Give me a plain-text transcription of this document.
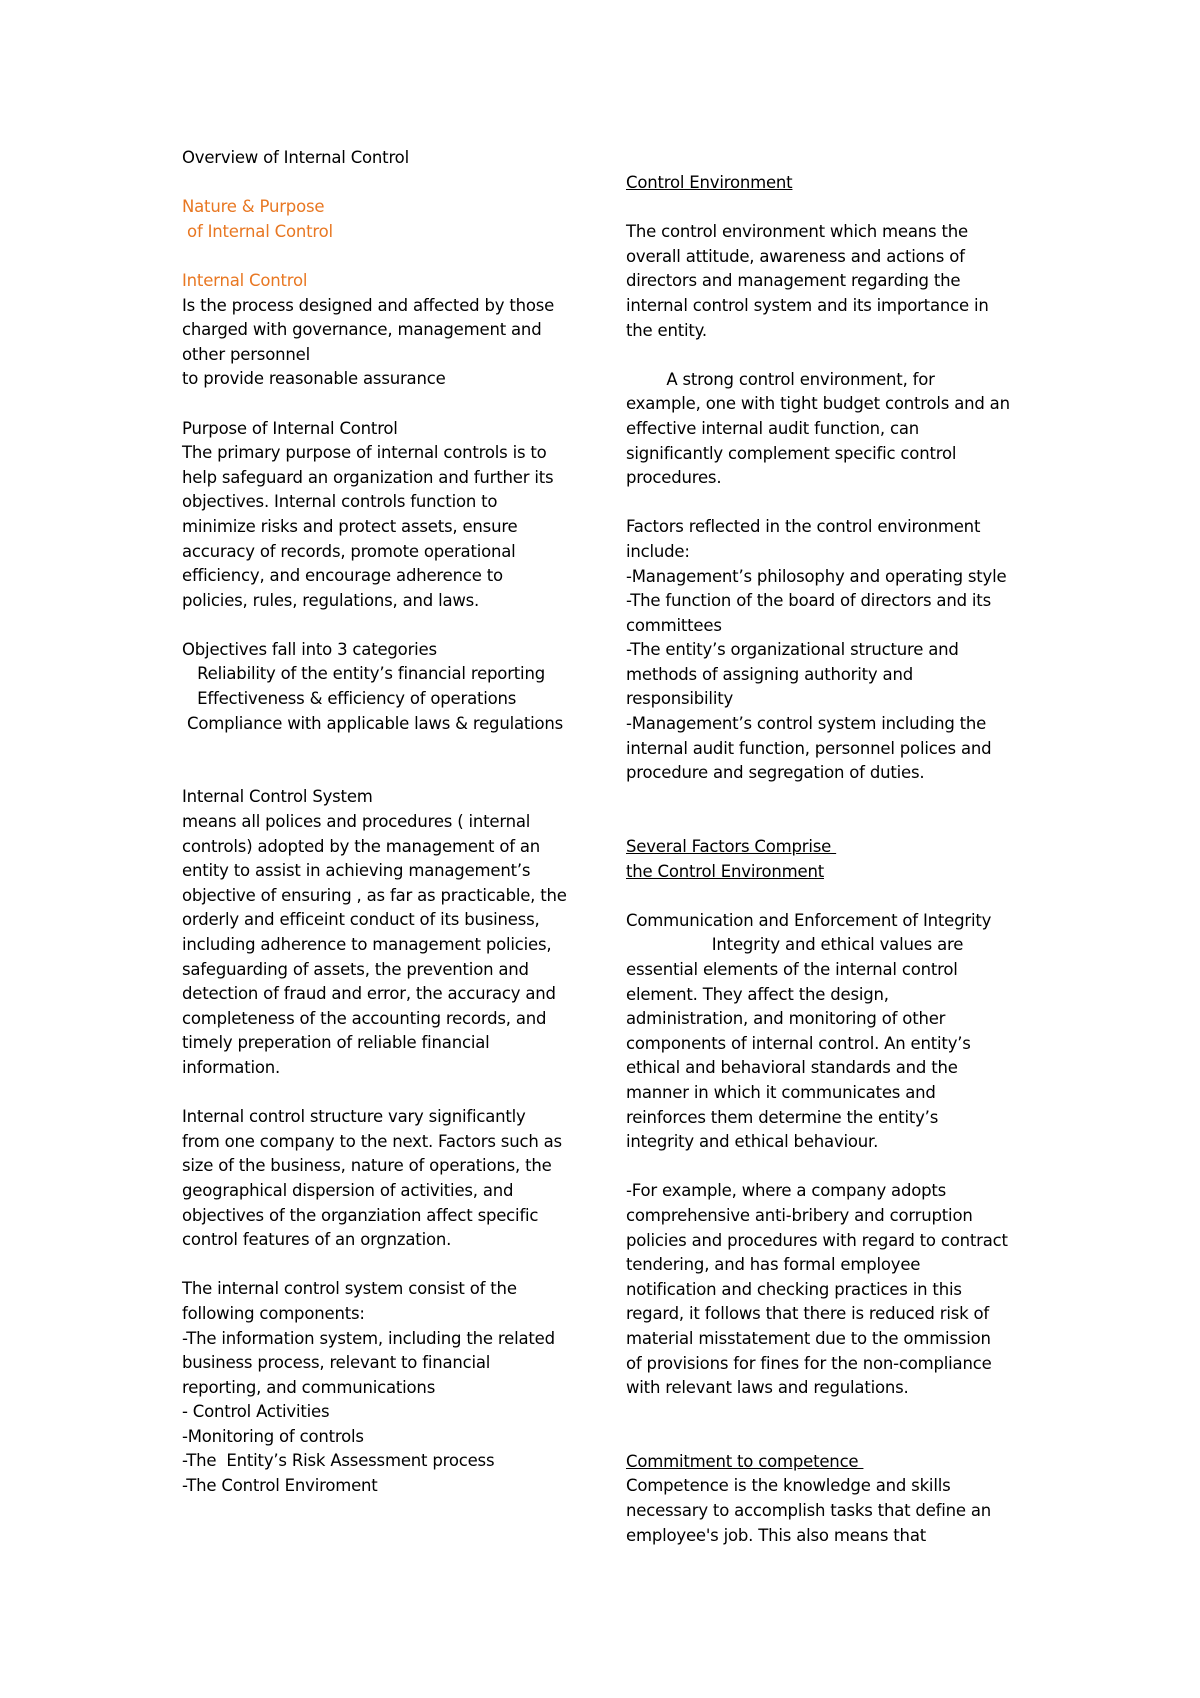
Overview of Internal Control

Nature & Purpose

of Internal Control

Internal Control

Is the process designed and affected by those

charged with governance, management and

other personnel

to provide reasonable assurance

Purpose of Internal Control

The primary purpose of internal controls is to

help safeguard an organization and further its

objectives. Internal controls function to

minimize risks and protect assets, ensure

accuracy of records, promote operational

efficiency, and encourage adherence to

policies, rules, regulations, and laws.

Objectives fall into 3 categories

Reliability of the entity’s financial reporting

Effectiveness & efficiency of operations

Compliance with applicable laws & regulations

Internal Control System

means all polices and procedures ( internal

controls) adopted by the management of an

entity to assist in achieving management’s

objective of ensuring , as far as practicable, the

orderly and efficeint conduct of its business,

including adherence to management policies,

safeguarding of assets, the prevention and

detection of fraud and error, the accuracy and

completeness of the accounting records, and

timely preperation of reliable financial

information.

Internal control structure vary significantly

from one company to the next. Factors such as

size of the business, nature of operations, the

geographical dispersion of activities, and

objectives of the organziation affect specific

control features of an orgnzation.

The internal control system consist of the

following components:

-The information system, including the related

business process, relevant to financial

reporting, and communications

- Control Activities

-Monitoring of controls

-The  Entity’s Risk Assessment process

-The Control Enviroment

Control Environment

The control environment which means the

overall attitude, awareness and actions of

directors and management regarding the

internal control system and its importance in

the entity.

A strong control environment, for

example, one with tight budget controls and an

effective internal audit function, can

significantly complement specific control

procedures.

Factors reflected in the control environment

include:

-Management’s philosophy and operating style

-The function of the board of directors and its

committees

-The entity’s organizational structure and

methods of assigning authority and

responsibility

-Management’s control system including the

internal audit function, personnel polices and

procedure and segregation of duties.

Several Factors Comprise

the Control Environment

Communication and Enforcement of Integrity

Integrity and ethical values are

essential elements of the internal control

element. They affect the design,

administration, and monitoring of other

components of internal control. An entity’s

ethical and behavioral standards and the

manner in which it communicates and

reinforces them determine the entity’s

integrity and ethical behaviour.

-For example, where a company adopts

comprehensive anti-bribery and corruption

policies and procedures with regard to contract

tendering, and has formal employee

notification and checking practices in this

regard, it follows that there is reduced risk of

material misstatement due to the ommission

of provisions for fines for the non-compliance

with relevant laws and regulations.

Commitment to competence

Competence is the knowledge and skills

necessary to accomplish tasks that define an

employee's job. This also means that
